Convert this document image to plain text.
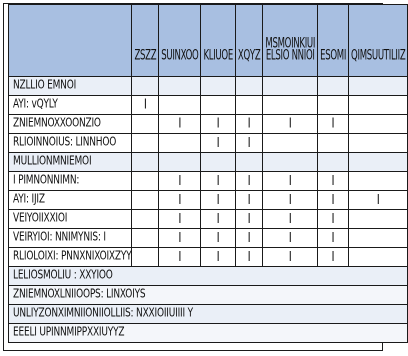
	ZSZZ	SUINXOO	KLIUOE	XQYZ	MSMOINKIUI ELSIO NNIOI	ESOMI	QIMSUUTILIIZ

NZLLIO EMNOI							

AYI: vQYLY	I						

ZNIEMNOXXOONZIO		I	I	I	I	I	

RLIOINNOIUS: LINNHOO			I	I			

MULLIONMNIEMOI							

I PIMNONNIMN:		I	I	I	I	I	

AYI: IJIZ		I	I	I	I	I	I

VEIYOIIXXIOI		I	I	I	I	I	

VEIRYIOI: NNIMYNIS: I		I	I	I	I	I	

RLIOLOIXI: PNNXNIXOIXZYY		I	I	I	I	I	

LELIOSMOLIU : XXYIOO							

ZNIEMNOXLNIIOOPS: LINXOIYS							

UNLIYZONXIMNIIONIIOLLIIS: NXXIOIIUIIII Y							

EEELI UPINNMIPPXXIUYYZ							
